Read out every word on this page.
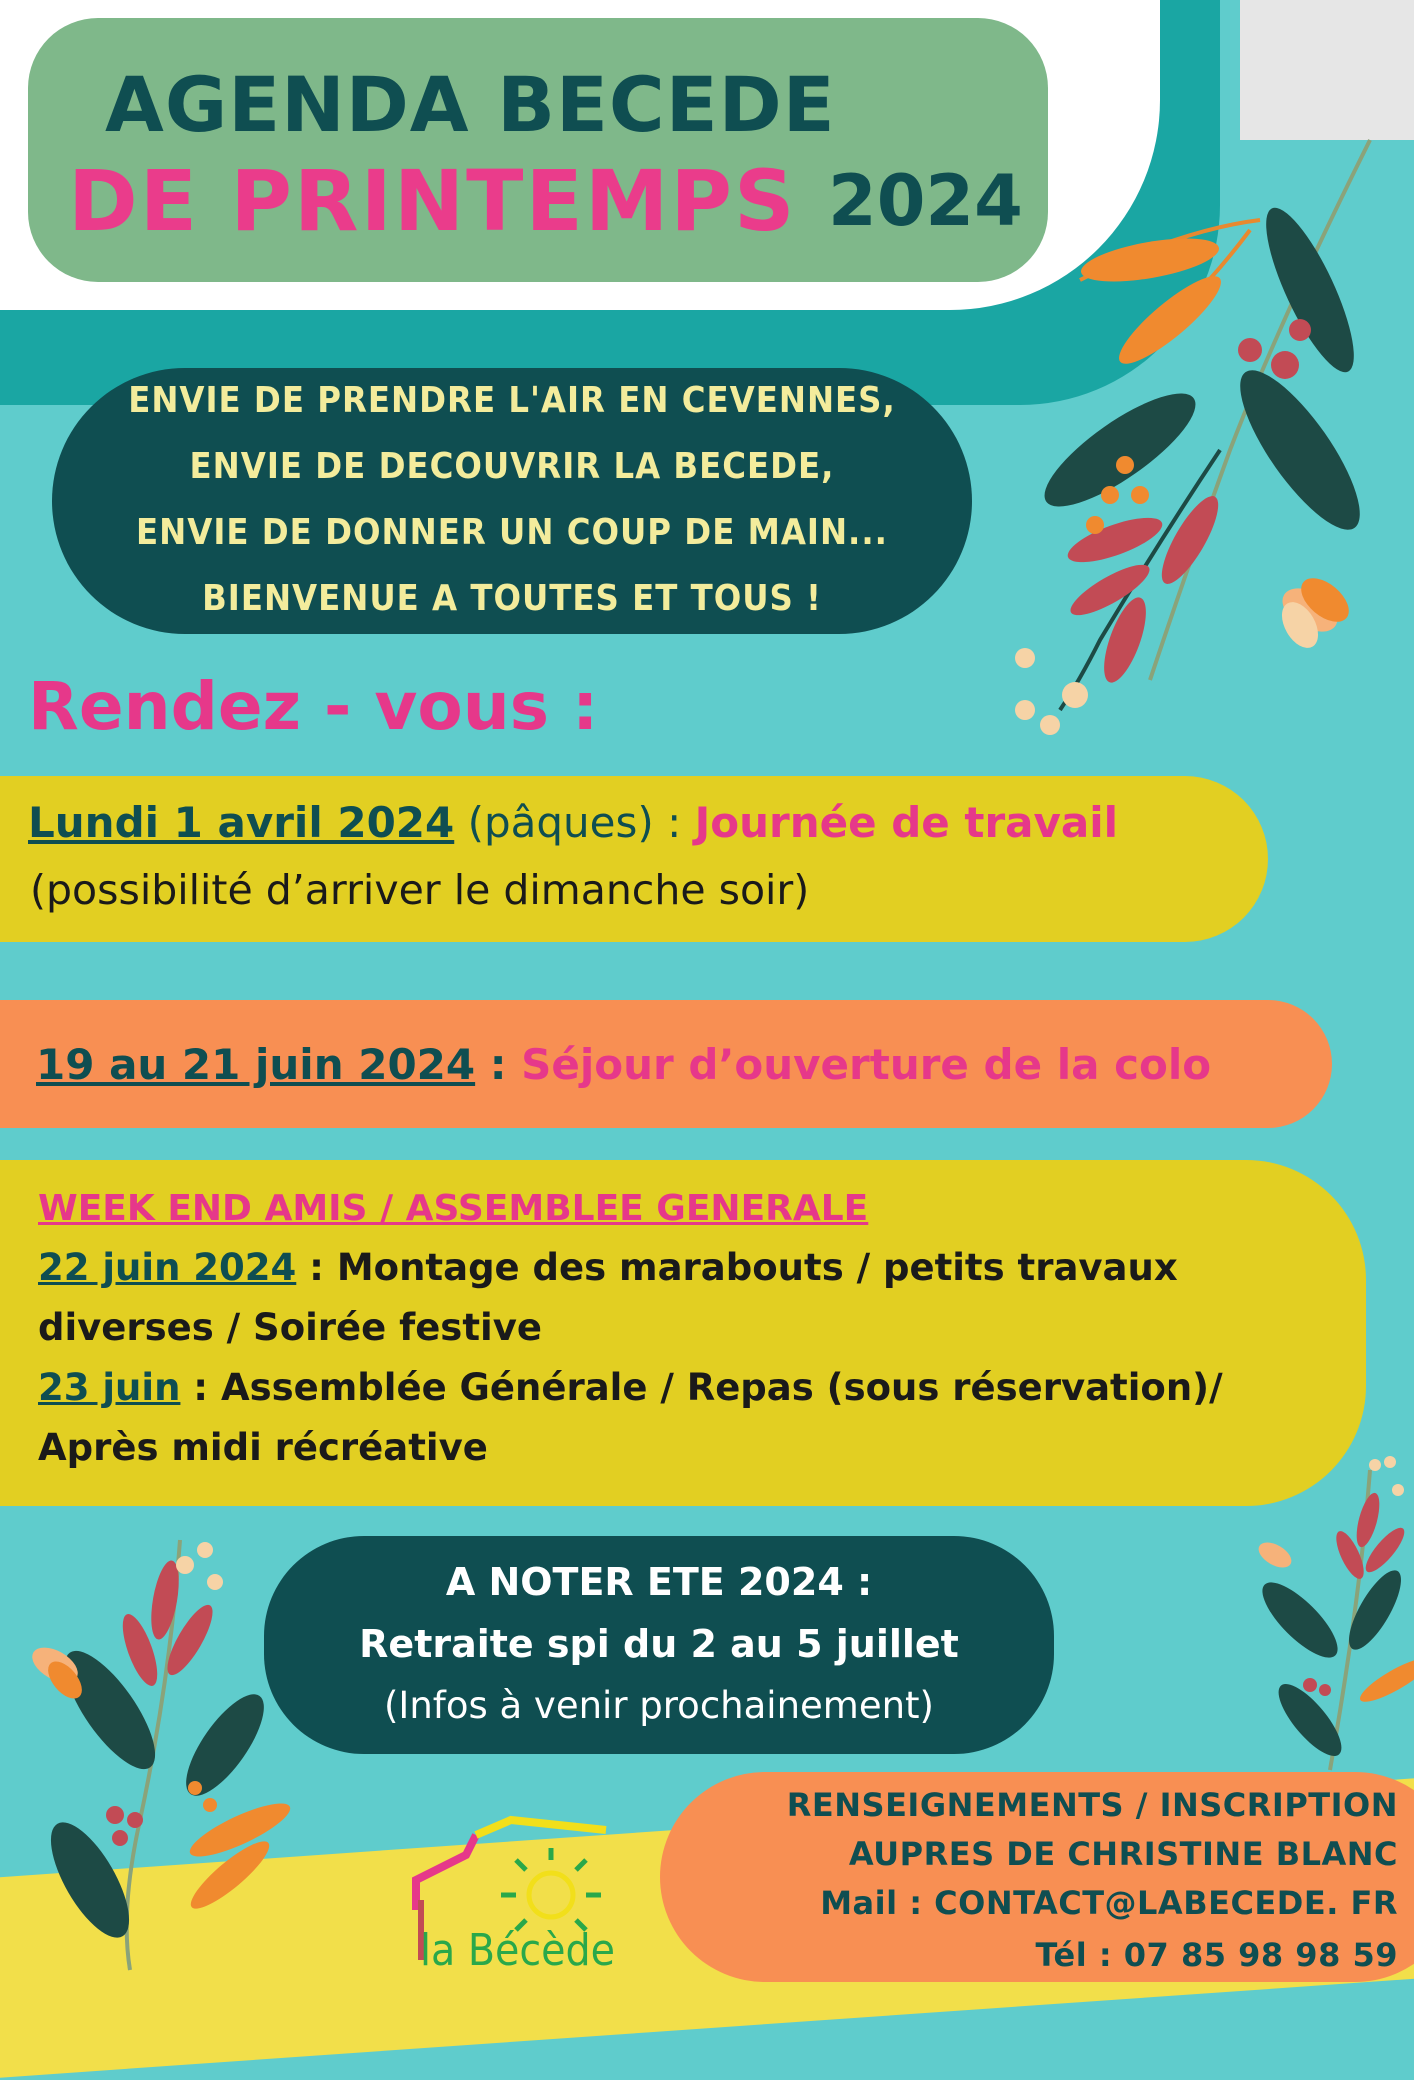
AGENDA BECEDE
DE PRINTEMPS 2024
ENVIE DE PRENDRE L'AIR EN CEVENNES,
ENVIE DE DECOUVRIR LA BECEDE,
ENVIE DE DONNER UN COUP DE MAIN...
BIENVENUE A TOUTES ET TOUS !
Rendez - vous :
Lundi 1 avril 2024 (pâques) : Journée de travail
(possibilité d’arriver le dimanche soir)
19 au 21 juin 2024 : Séjour d’ouverture de la colo
WEEK END AMIS / ASSEMBLEE GENERALE
22 juin 2024 : Montage des marabouts / petits travaux
diverses / Soirée festive
23 juin : Assemblée Générale / Repas (sous réservation)/
Après midi récréative
A NOTER ETE 2024 :
Retraite spi du 2 au 5 juillet
(Infos à venir prochainement)
RENSEIGNEMENTS / INSCRIPTION
AUPRES DE CHRISTINE BLANC
Mail : CONTACT@LABECEDE. FR
Tél : 07 85 98 98 59
la Bécède
